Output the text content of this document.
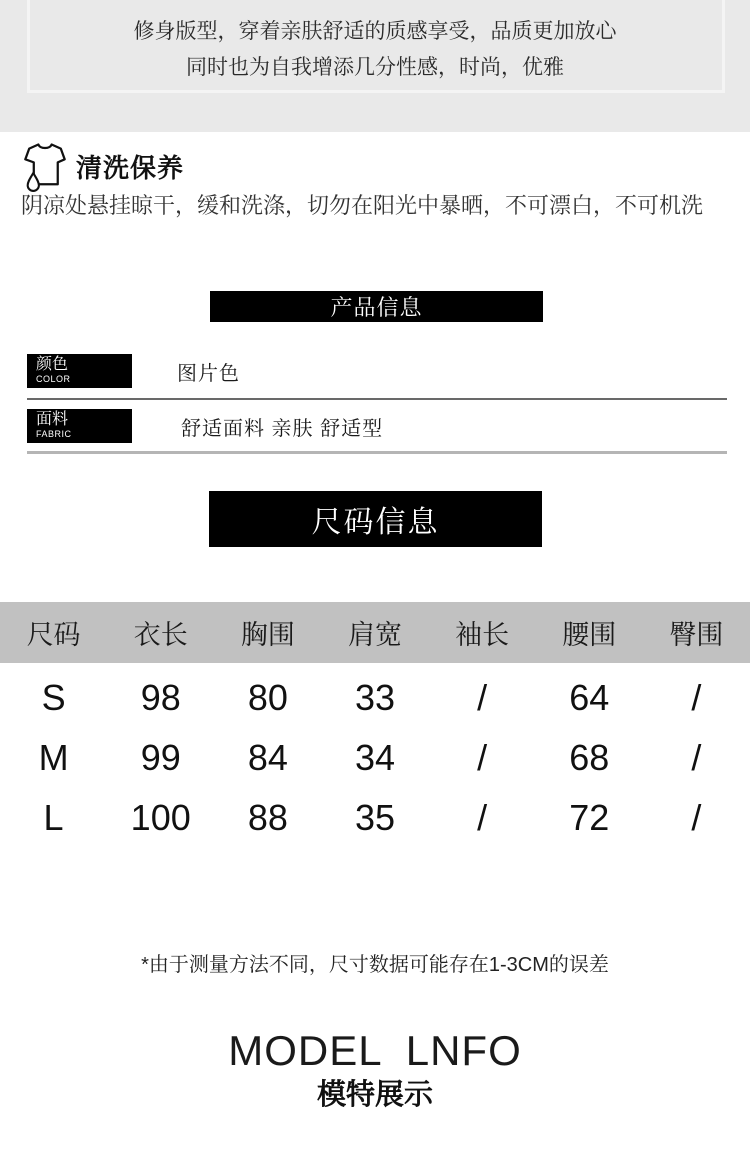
修身版型，穿着亲肤舒适的质感享受，品质更加放心
同时也为自我增添几分性感，时尚，优雅
清洗保养
阴凉处悬挂晾干，缓和洗涤，切勿在阳光中暴晒，不可漂白，不可机洗
产品信息
颜色
COLOR	图片色
面料
FABRIC	舒适面料 亲肤 舒适型
尺码信息
尺码	衣长	胸围	肩宽	袖长	腰围	臀围
S	98	80	33	/	64	/
M	99	84	34	/	68	/
L	100	88	35	/	72	/
*由于测量方法不同，尺寸数据可能存在1-3CM的误差
MODEL LNFO
模特展示
